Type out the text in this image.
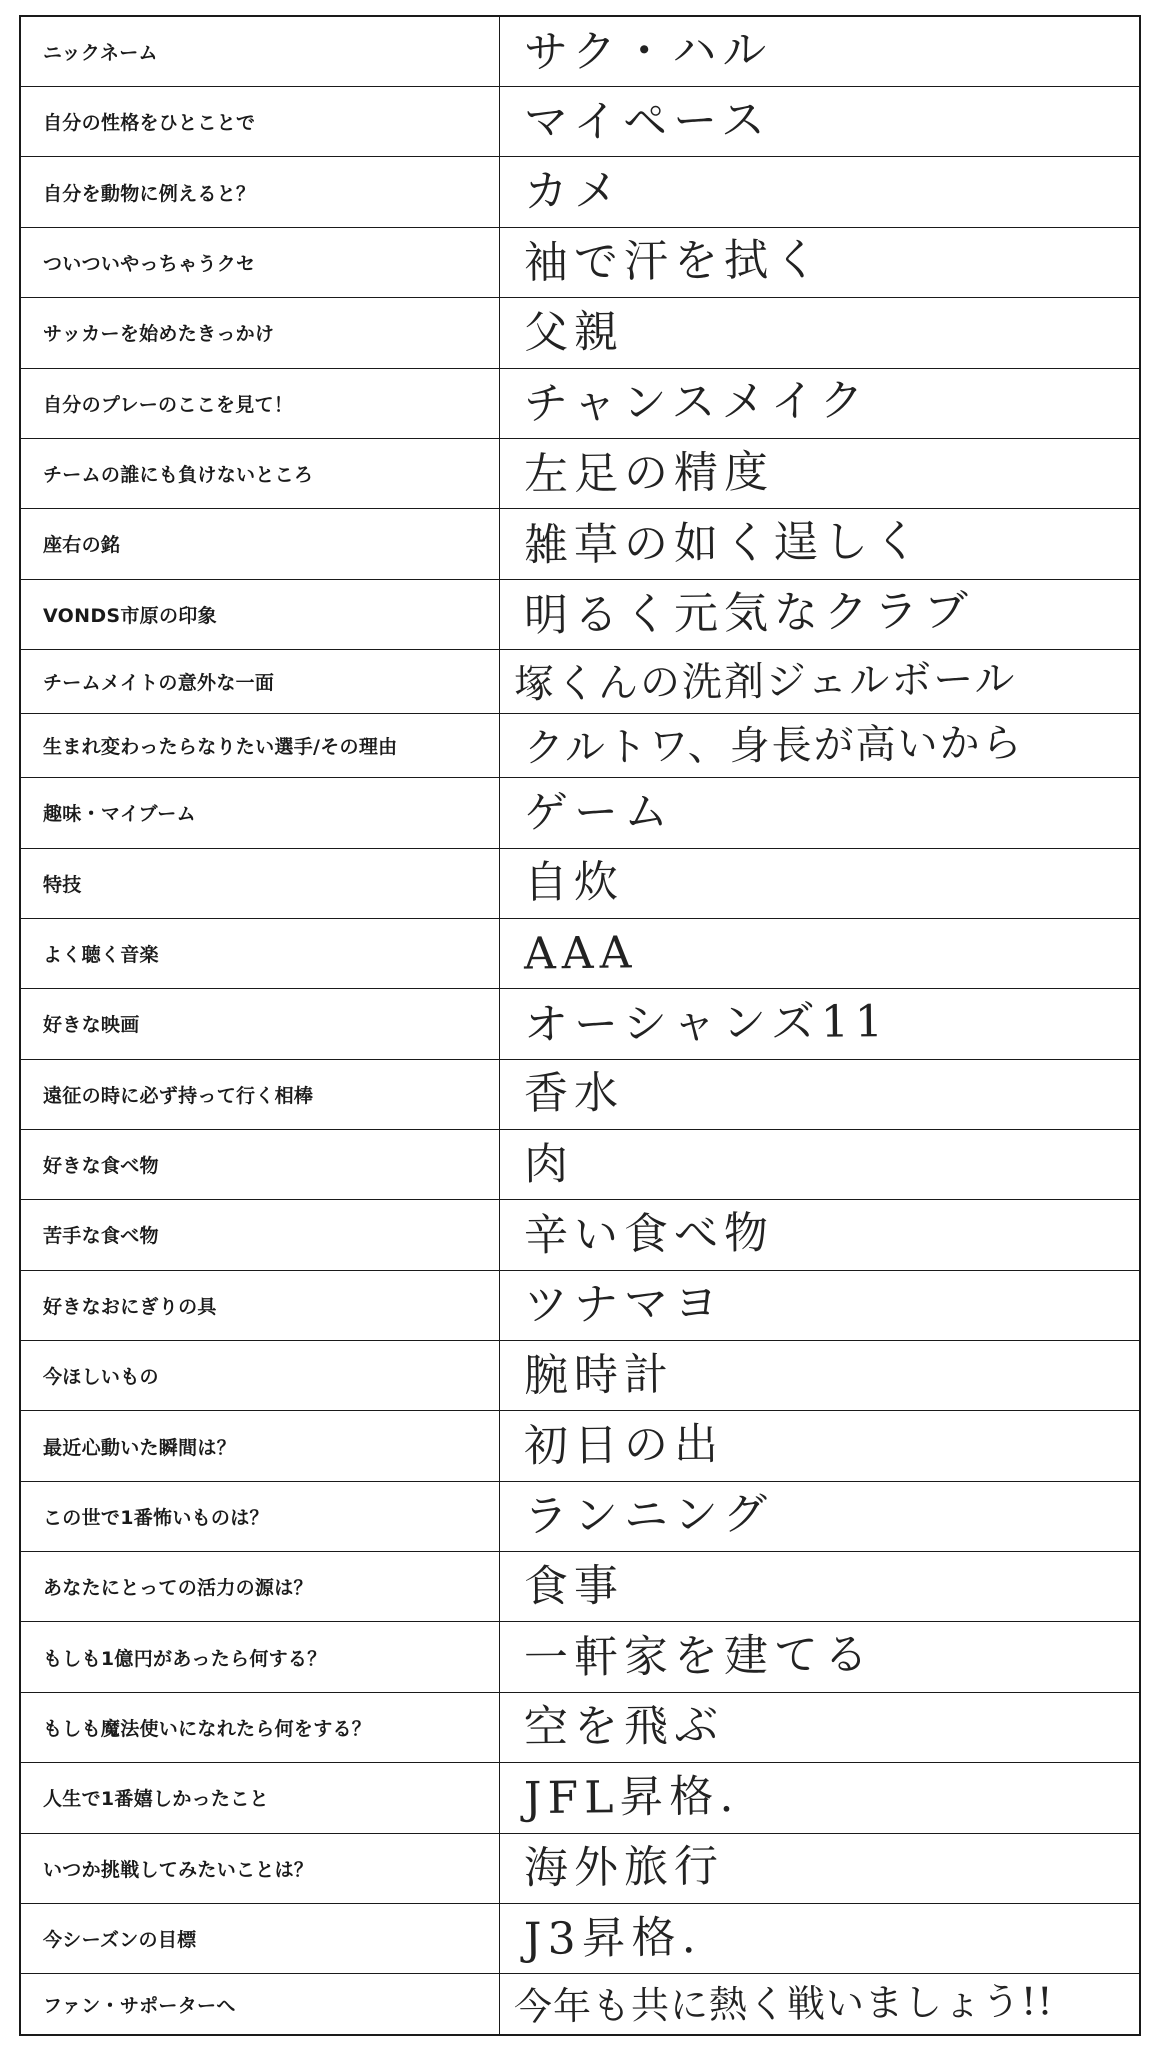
ニックネーム	サク・ハル
自分の性格をひとことで	マイペース
自分を動物に例えると？	カメ
ついついやっちゃうクセ	袖で汗を拭く
サッカーを始めたきっかけ	父親
自分のプレーのここを見て！	チャンスメイク
チームの誰にも負けないところ	左足の精度
座右の銘	雑草の如く逞しく
VONDS市原の印象	明るく元気なクラブ
チームメイトの意外な一面	塚くんの洗剤ジェルボール
生まれ変わったらなりたい選手/その理由	クルトワ、身長が高いから
趣味・マイブーム	ゲーム
特技	自炊
よく聴く音楽	AAA
好きな映画	オーシャンズ11
遠征の時に必ず持って行く相棒	香水
好きな食べ物	肉
苦手な食べ物	辛い食べ物
好きなおにぎりの具	ツナマヨ
今ほしいもの	腕時計
最近心動いた瞬間は？	初日の出
この世で1番怖いものは？	ランニング
あなたにとっての活力の源は？	食事
もしも1億円があったら何する？	一軒家を建てる
もしも魔法使いになれたら何をする？	空を飛ぶ
人生で1番嬉しかったこと	JFL昇格.
いつか挑戦してみたいことは？	海外旅行
今シーズンの目標	J3昇格.
ファン・サポーターへ	今年も共に熱く戦いましょう!!
